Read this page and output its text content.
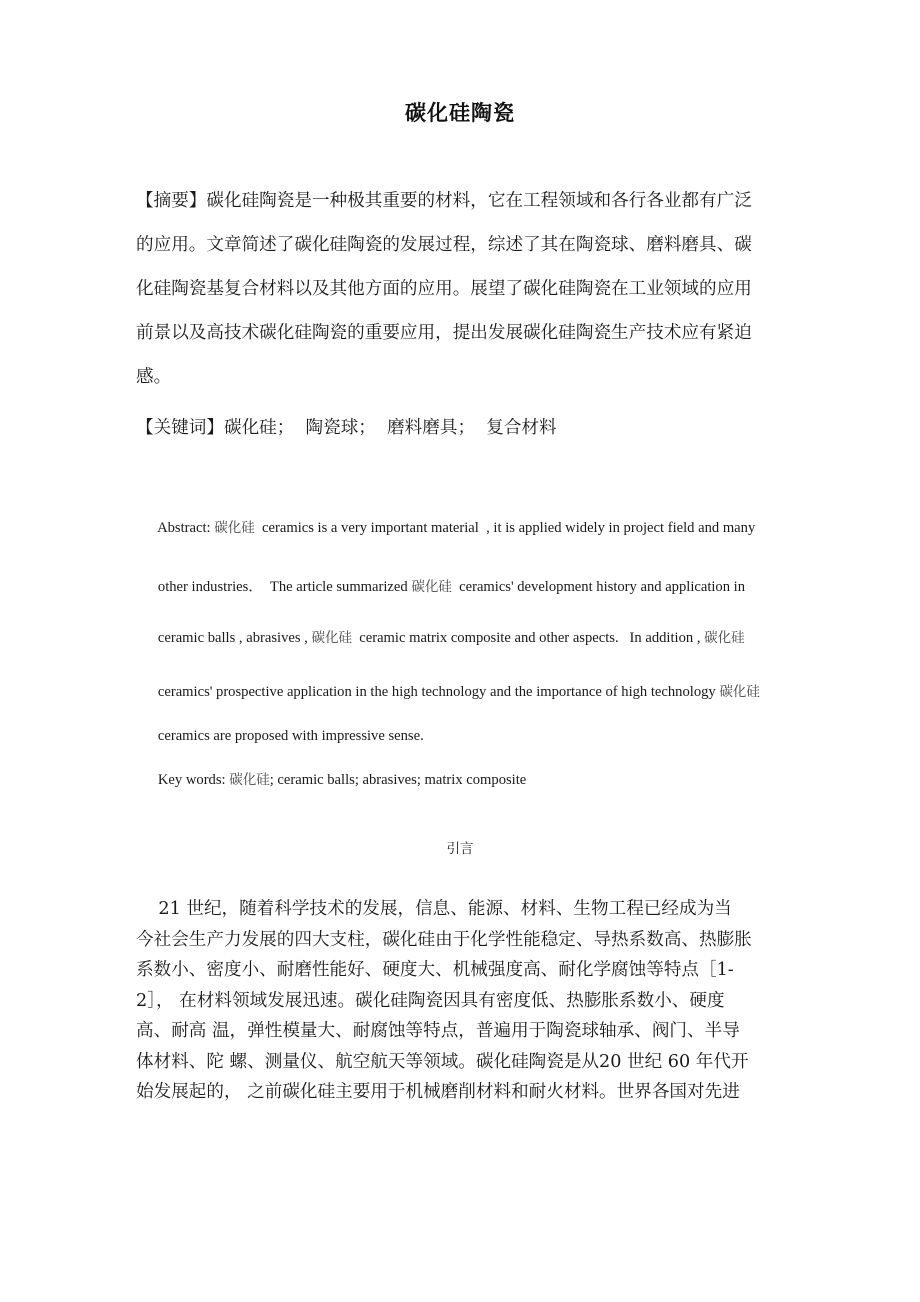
碳化硅陶瓷
【摘要】碳化硅陶瓷是一种极其重要的材料，它在工程领域和各行各业都有广泛
的应用。文章简述了碳化硅陶瓷的发展过程，综述了其在陶瓷球、磨料磨具、碳
化硅陶瓷基复合材料以及其他方面的应用。展望了碳化硅陶瓷在工业领域的应用
前景以及高技术碳化硅陶瓷的重要应用，提出发展碳化硅陶瓷生产技术应有紧迫
感。
【关键词】碳化硅；  陶瓷球；  磨料磨具；  复合材料

Abstract: 碳化硅  ceramics is a very important material  , it is applied widely in project field and many

other industries．  The article summarized 碳化硅  ceramics' development history and application in

ceramic balls , abrasives , 碳化硅  ceramic matrix composite and other aspects.   In addition , 碳化硅

ceramics' prospective application in the high technology and the importance of high technology 碳化硅

ceramics are proposed with impressive sense.

Key words: 碳化硅; ceramic balls; abrasives; matrix composite

引言
21 世纪，随着科学技术的发展，信息、能源、材料、生物工程已经成为当
今社会生产力发展的四大支柱，碳化硅由于化学性能稳定、导热系数高、热膨胀
系数小、密度小、耐磨性能好、硬度大、机械强度高、耐化学腐蚀等特点［1-
2］， 在材料领域发展迅速。碳化硅陶瓷因具有密度低、热膨胀系数小、硬度
高、耐高 温，弹性模量大、耐腐蚀等特点，普遍用于陶瓷球轴承、阀门、半导
体材料、陀 螺、测量仪、航空航天等领域。碳化硅陶瓷是从20 世纪 60 年代开
始发展起的， 之前碳化硅主要用于机械磨削材料和耐火材料。世界各国对先进
